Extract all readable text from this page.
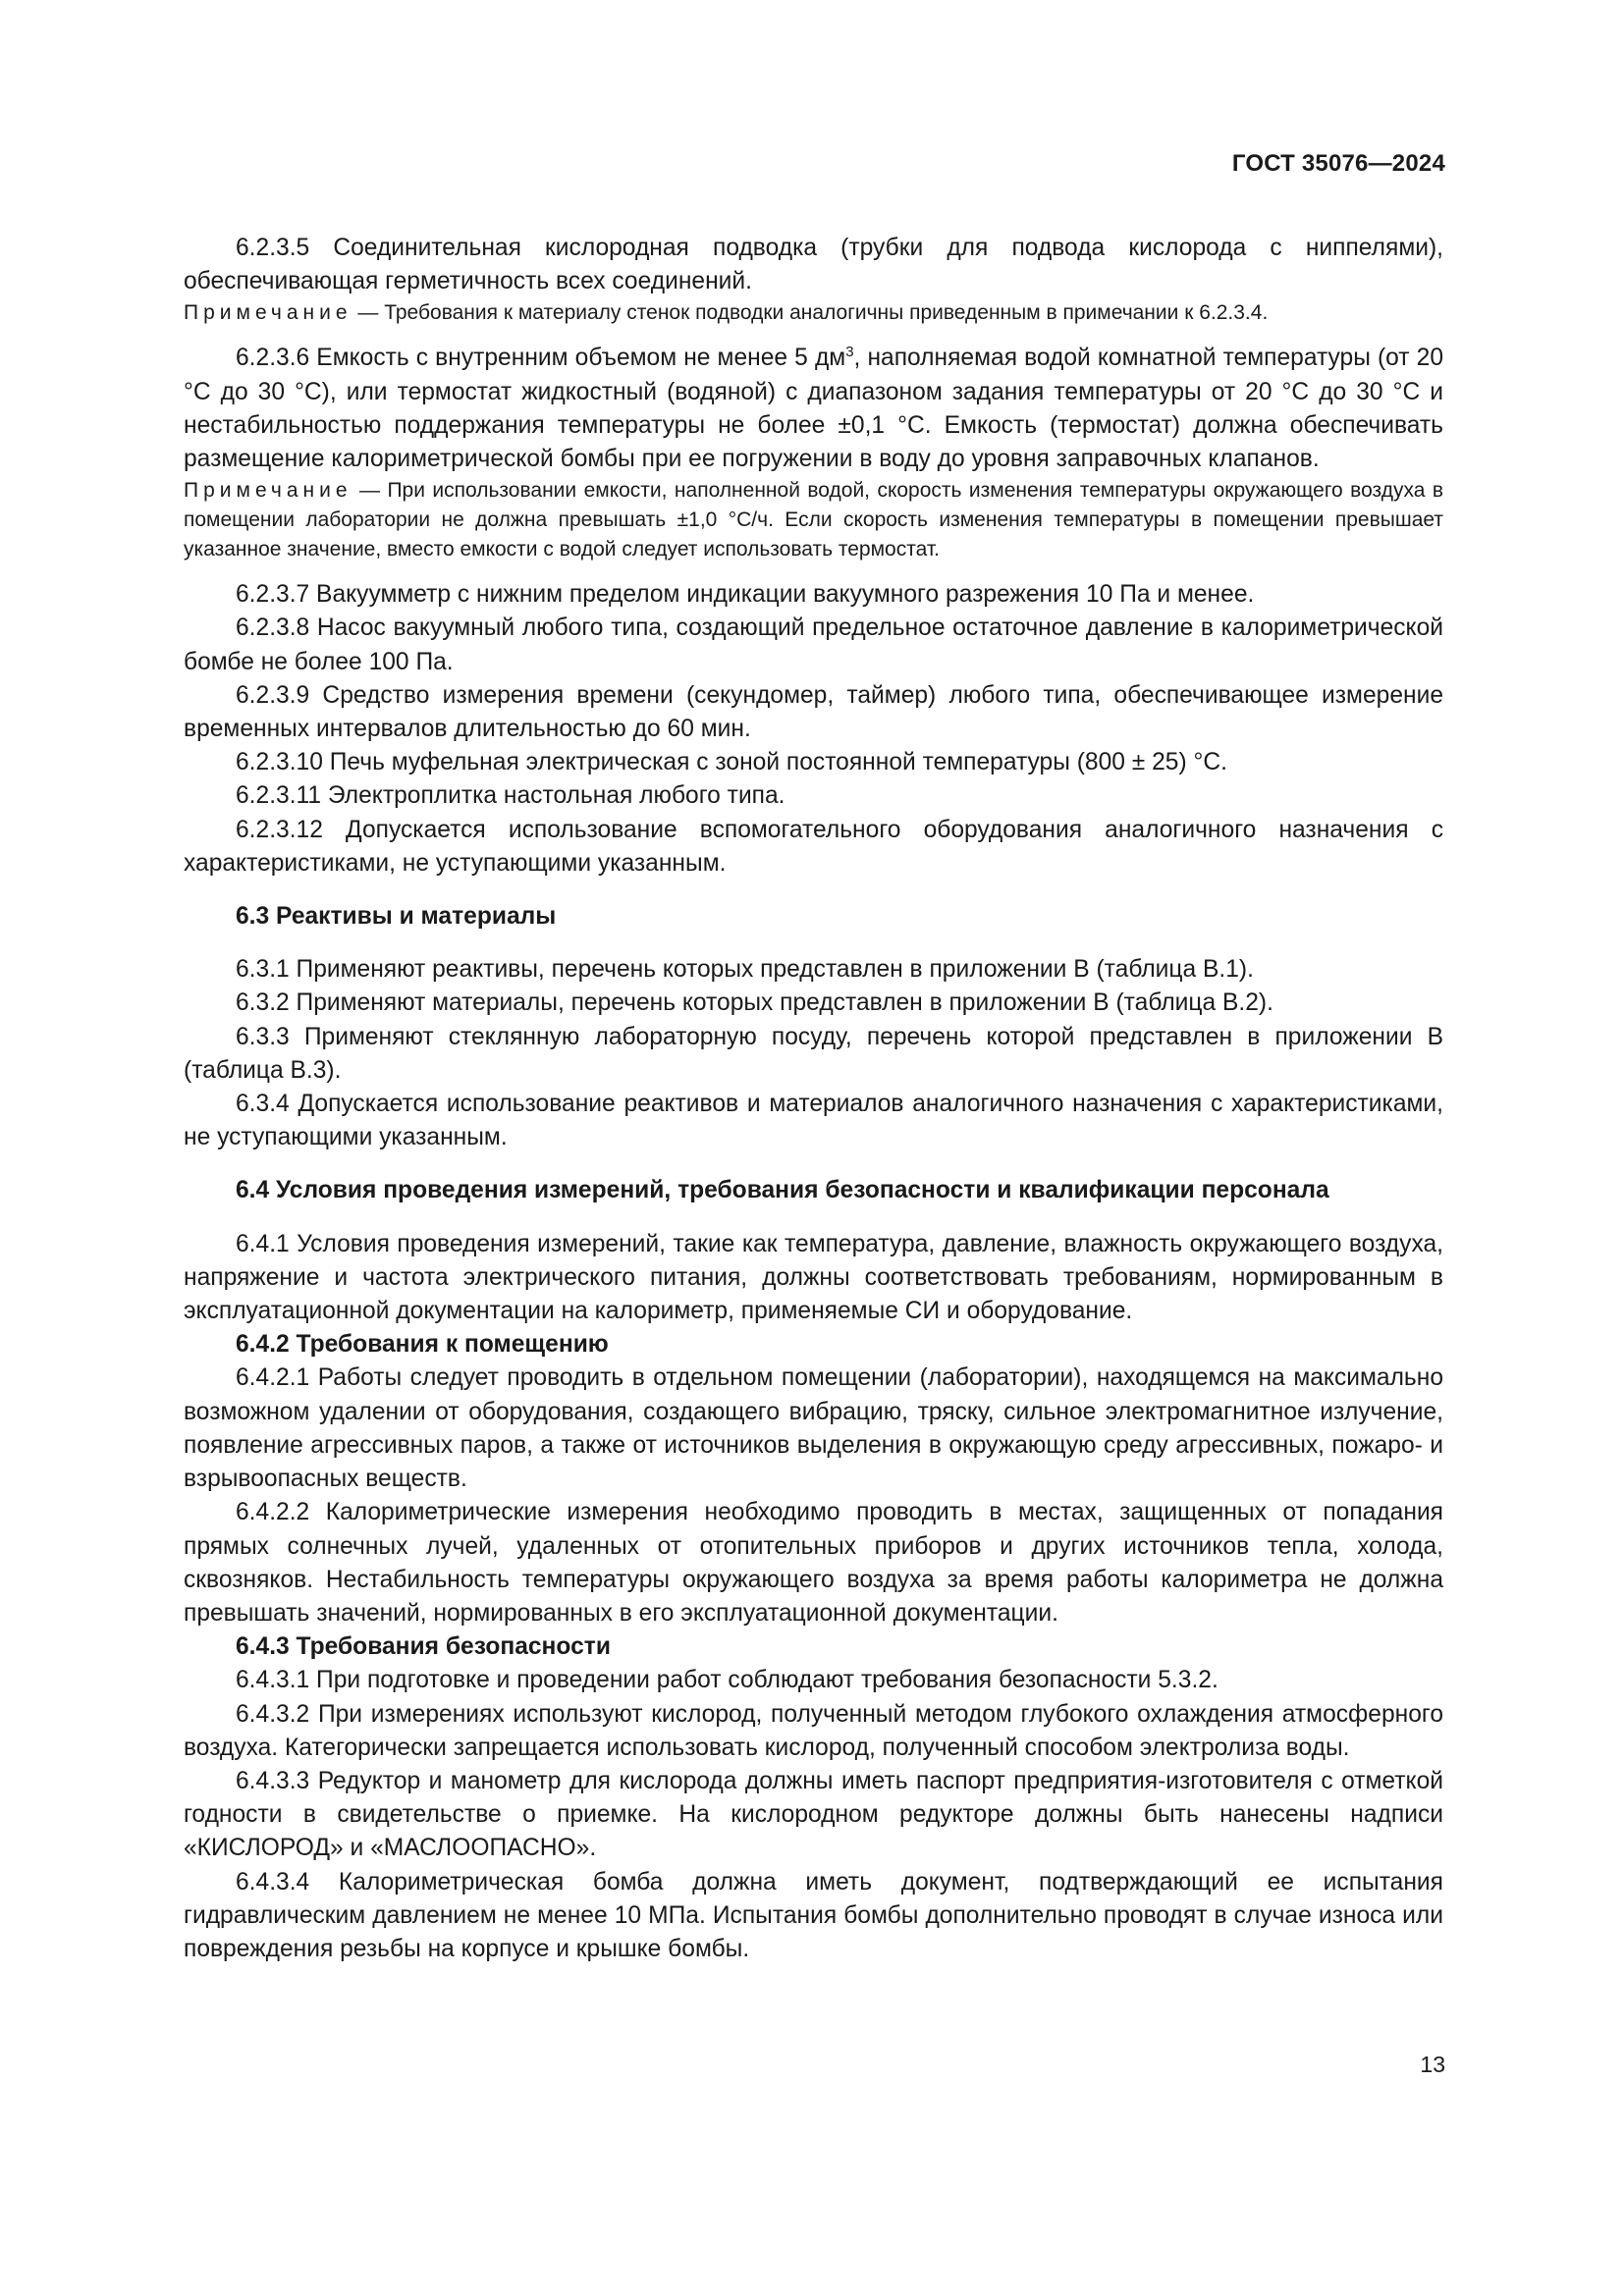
ГОСТ 35076—2024

6.2.3.5 Соединительная кислородная подводка (трубки для подвода кислорода с ниппелями), обеспечивающая герметичность всех соединений.

Примечание — Требования к материалу стенок подводки аналогичны приведенным в примечании к 6.2.3.4.

6.2.3.6 Емкость с внутренним объемом не менее 5 $дм^3$, наполняемая водой комнатной температуры (от 20 °С до 30 °С), или термостат жидкостный (водяной) с диапазоном задания температуры от 20 °С до 30 °С и нестабильностью поддержания температуры не более ±0,1 °С. Емкость (термостат) должна обеспечивать размещение калориметрической бомбы при ее погружении в воду до уровня заправочных клапанов.

Примечание — При использовании емкости, наполненной водой, скорость изменения температуры окружающего воздуха в помещении лаборатории не должна превышать ±1,0 °С/ч. Если скорость изменения температуры в помещении превышает указанное значение, вместо емкости с водой следует использовать термостат.

6.2.3.7 Вакуумметр с нижним пределом индикации вакуумного разрежения 10 Па и менее.

6.2.3.8 Насос вакуумный любого типа, создающий предельное остаточное давление в калориметрической бомбе не более 100 Па.

6.2.3.9 Средство измерения времени (секундомер, таймер) любого типа, обеспечивающее измерение временных интервалов длительностью до 60 мин.

6.2.3.10 Печь муфельная электрическая с зоной постоянной температуры (800 ± 25) °С.

6.2.3.11 Электроплитка настольная любого типа.

6.2.3.12 Допускается использование вспомогательного оборудования аналогичного назначения с характеристиками, не уступающими указанным.

6.3 Реактивы и материалы

6.3.1 Применяют реактивы, перечень которых представлен в приложении В (таблица В.1).

6.3.2 Применяют материалы, перечень которых представлен в приложении В (таблица В.2).

6.3.3 Применяют стеклянную лабораторную посуду, перечень которой представлен в приложении В (таблица В.3).

6.3.4 Допускается использование реактивов и материалов аналогичного назначения с характеристиками, не уступающими указанным.

6.4 Условия проведения измерений, требования безопасности и квалификации персонала

6.4.1 Условия проведения измерений, такие как температура, давление, влажность окружающего воздуха, напряжение и частота электрического питания, должны соответствовать требованиям, нормированным в эксплуатационной документации на калориметр, применяемые СИ и оборудование.

6.4.2 Требования к помещению

6.4.2.1 Работы следует проводить в отдельном помещении (лаборатории), находящемся на максимально возможном удалении от оборудования, создающего вибрацию, тряску, сильное электромагнитное излучение, появление агрессивных паров, а также от источников выделения в окружающую среду агрессивных, пожаро- и взрывоопасных веществ.

6.4.2.2 Калориметрические измерения необходимо проводить в местах, защищенных от попадания прямых солнечных лучей, удаленных от отопительных приборов и других источников тепла, холода, сквозняков. Нестабильность температуры окружающего воздуха за время работы калориметра не должна превышать значений, нормированных в его эксплуатационной документации.

6.4.3 Требования безопасности

6.4.3.1 При подготовке и проведении работ соблюдают требования безопасности 5.3.2.

6.4.3.2 При измерениях используют кислород, полученный методом глубокого охлаждения атмосферного воздуха. Категорически запрещается использовать кислород, полученный способом электролиза воды.

6.4.3.3 Редуктор и манометр для кислорода должны иметь паспорт предприятия-изготовителя с отметкой годности в свидетельстве о приемке. На кислородном редукторе должны быть нанесены надписи «КИСЛОРОД» и «МАСЛООПАСНО».

6.4.3.4 Калориметрическая бомба должна иметь документ, подтверждающий ее испытания гидравлическим давлением не менее 10 МПа. Испытания бомбы дополнительно проводят в случае износа или повреждения резьбы на корпусе и крышке бомбы.

13
